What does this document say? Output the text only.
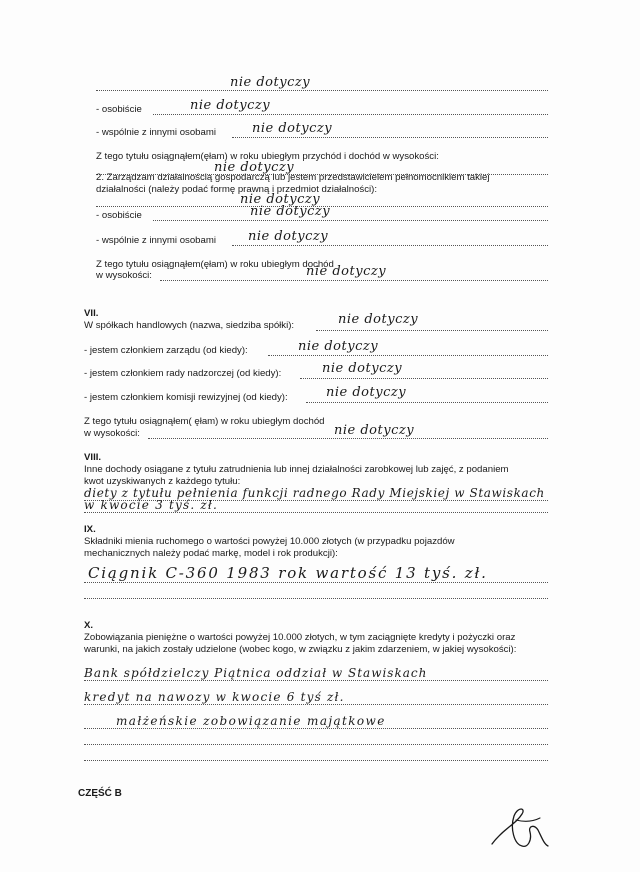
nie dotyczy
- osobiście	nie dotyczy
- wspólnie z innymi osobami	nie dotyczy
Z tego tytułu osiągnąłem(ęłam) w roku ubiegłym przychód i dochód w wysokości:
nie dotyczy
2. Zarządzam działalnością gospodarczą lub jestem przedstawicielem pełnomocnikiem takiej
działalności (należy podać formę prawną i przedmiot działalności):
nie dotyczy
- osobiście	nie dotyczy
- wspólnie z innymi osobami nie dotyczy
Z tego tytułu osiągnąłem(ęłam) w roku ubiegłym dochód
w wysokości:	nie dotyczy
VII.
W spółkach handlowych (nazwa, siedziba spółki):	nie dotyczy
- jestem członkiem zarządu (od kiedy):	nie dotyczy
- jestem członkiem rady nadzorczej (od kiedy):	nie dotyczy
- jestem członkiem komisji rewizyjnej (od kiedy):	nie dotyczy
Z tego tytułu osiągnąłem( ęłam) w roku ubiegłym dochód
w wysokości:	nie dotyczy
VIII.
Inne dochody osiągane z tytułu zatrudnienia lub innej działalności zarobkowej lub zajęć, z podaniem
kwot uzyskiwanych z każdego tytułu:
diety z tytułu pełnienia funkcji radnego Rady Miejskiej w Stawiskach
w kwocie 3 tyś. zł.
IX.
Składniki mienia ruchomego o wartości powyżej 10.000 złotych (w przypadku pojazdów
mechanicznych należy podać markę, model i rok produkcji):
Ciągnik C-360 1983 rok wartość 13 tyś. zł.
X.
Zobowiązania pieniężne o wartości powyżej 10.000 złotych, w tym zaciągnięte kredyty i pożyczki oraz
warunki, na jakich zostały udzielone (wobec kogo, w związku z jakim zdarzeniem, w jakiej wysokości):
Bank spółdzielczy Piątnica oddział w Stawiskach
kredyt na nawozy w kwocie 6 tyś zł.
małżeńskie zobowiązanie majątkowe
CZĘŚĆ B
